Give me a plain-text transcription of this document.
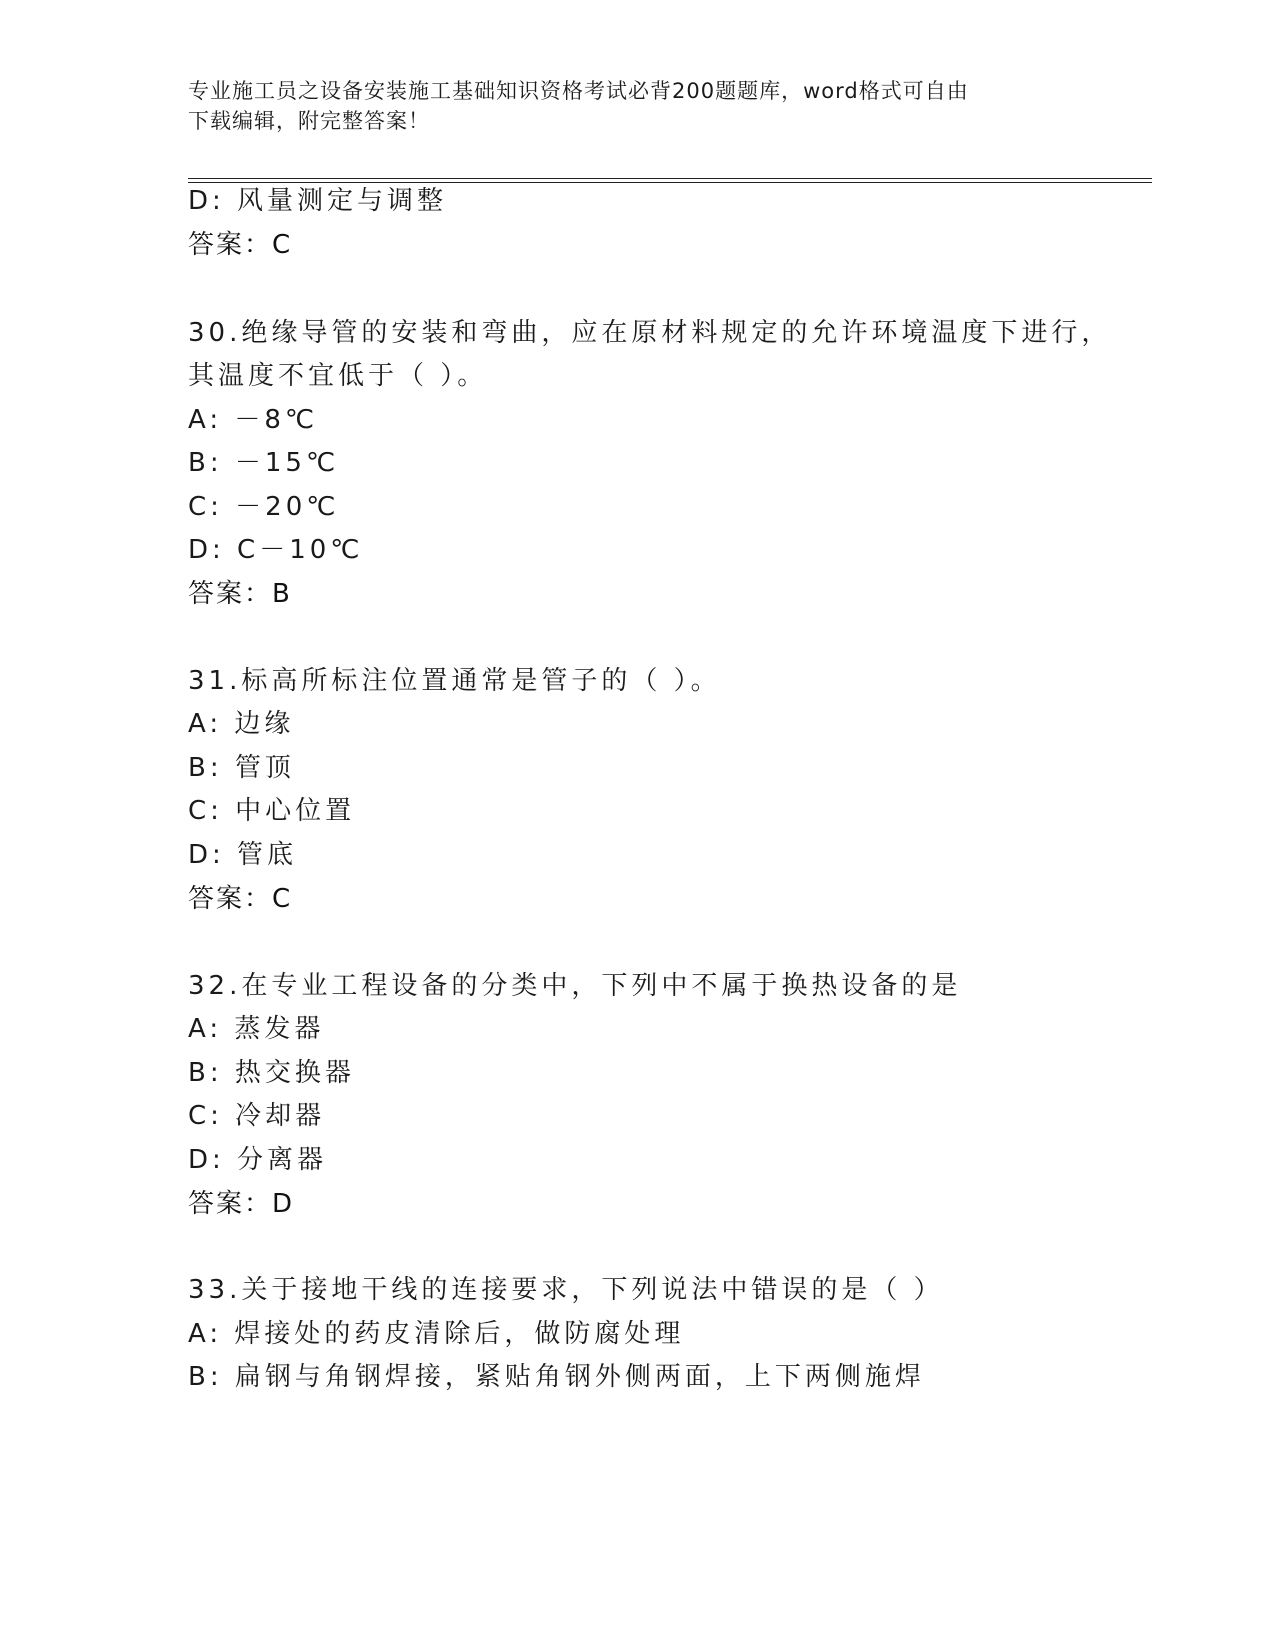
专业施工员之设备安装施工基础知识资格考试必背200题题库，word格式可自由
下载编辑，附完整答案！
D: 风量测定与调整
答案：C
30.绝缘导管的安装和弯曲，应在原材料规定的允许环境温度下进行，
其温度不宜低于（ ）。
A: －8℃
B: －15℃
C: －20℃
D: C－10℃
答案：B
31.标高所标注位置通常是管子的（ ）。
A: 边缘
B: 管顶
C: 中心位置
D: 管底
答案：C
32.在专业工程设备的分类中，下列中不属于换热设备的是
A: 蒸发器
B: 热交换器
C: 冷却器
D: 分离器
答案：D
33.关于接地干线的连接要求，下列说法中错误的是（ ）
A: 焊接处的药皮清除后，做防腐处理
B: 扁钢与角钢焊接，紧贴角钢外侧两面，上下两侧施焊
